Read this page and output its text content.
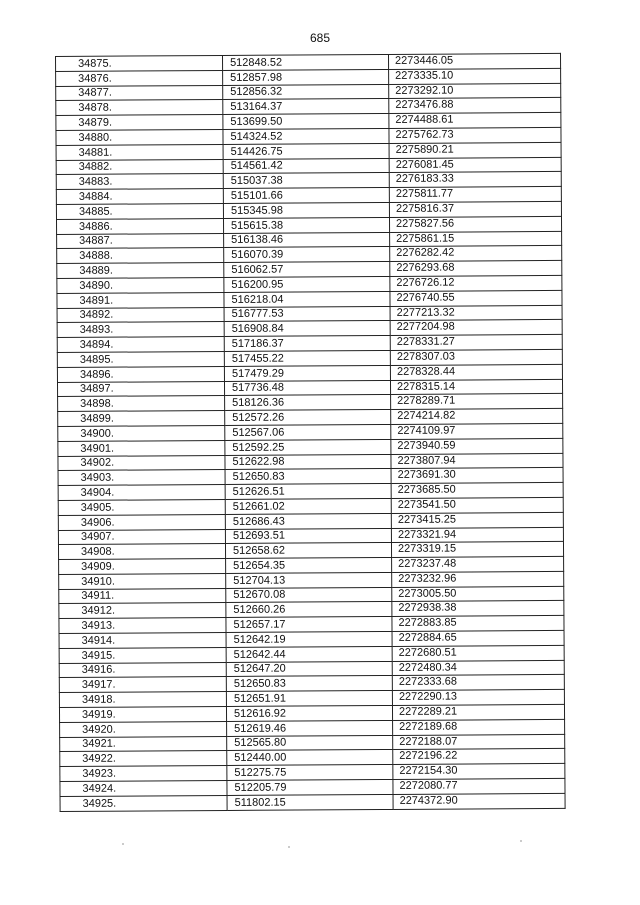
685
34875.	512848.52	2273446.05
34876.	512857.98	2273335.10
34877.	512856.32	2273292.10
34878.	513164.37	2273476.88
34879.	513699.50	2274488.61
34880.	514324.52	2275762.73
34881.	514426.75	2275890.21
34882.	514561.42	2276081.45
34883.	515037.38	2276183.33
34884.	515101.66	2275811.77
34885.	515345.98	2275816.37
34886.	515615.38	2275827.56
34887.	516138.46	2275861.15
34888.	516070.39	2276282.42
34889.	516062.57	2276293.68
34890.	516200.95	2276726.12
34891.	516218.04	2276740.55
34892.	516777.53	2277213.32
34893.	516908.84	2277204.98
34894.	517186.37	2278331.27
34895.	517455.22	2278307.03
34896.	517479.29	2278328.44
34897.	517736.48	2278315.14
34898.	518126.36	2278289.71
34899.	512572.26	2274214.82
34900.	512567.06	2274109.97
34901.	512592.25	2273940.59
34902.	512622.98	2273807.94
34903.	512650.83	2273691.30
34904.	512626.51	2273685.50
34905.	512661.02	2273541.50
34906.	512686.43	2273415.25
34907.	512693.51	2273321.94
34908.	512658.62	2273319.15
34909.	512654.35	2273237.48
34910.	512704.13	2273232.96
34911.	512670.08	2273005.50
34912.	512660.26	2272938.38
34913.	512657.17	2272883.85
34914.	512642.19	2272884.65
34915.	512642.44	2272680.51
34916.	512647.20	2272480.34
34917.	512650.83	2272333.68
34918.	512651.91	2272290.13
34919.	512616.92	2272289.21
34920.	512619.46	2272189.68
34921.	512565.80	2272188.07
34922.	512440.00	2272196.22
34923.	512275.75	2272154.30
34924.	512205.79	2272080.77
34925.	511802.15	2274372.90
